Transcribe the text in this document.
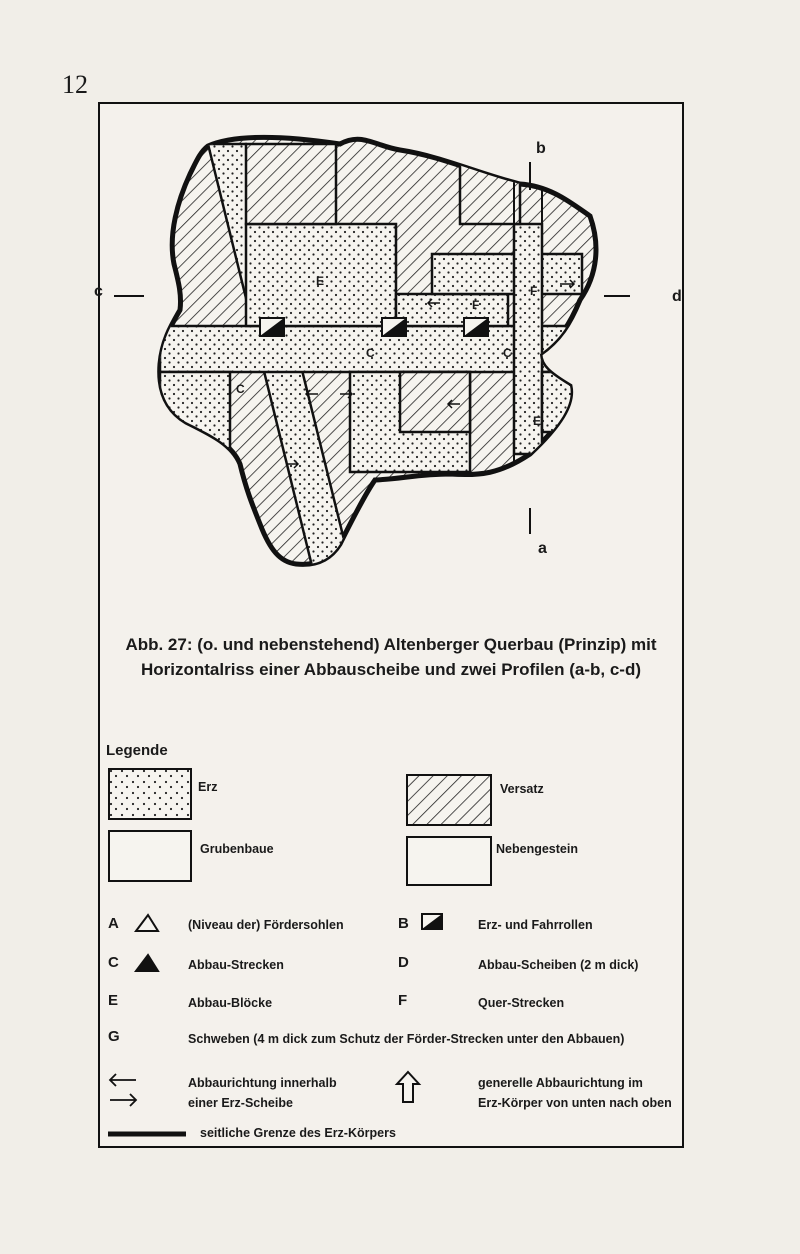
12
b
a
c	d
E
E
C	C
C
F
F
Abb. 27: (o. und nebenstehend) Altenberger Querbau (Prinzip) mit
Horizontalriss einer Abbauscheibe und zwei Profilen (a-b, c-d)
Legende
Erz	Versatz
Grubenbaue	Nebengestein
A	(Niveau der) Fördersohlen	B	Erz- und Fahrrollen
C	Abbau-Strecken	D	Abbau-Scheiben (2 m dick)
E	Abbau-Blöcke	F	Quer-Strecken
G	Schweben (4 m dick zum Schutz der Förder-Strecken unter den Abbauen)
Abbaurichtung innerhalb
einer Erz-Scheibe
generelle Abbaurichtung im
Erz-Körper von unten nach oben
seitliche Grenze des Erz-Körpers
